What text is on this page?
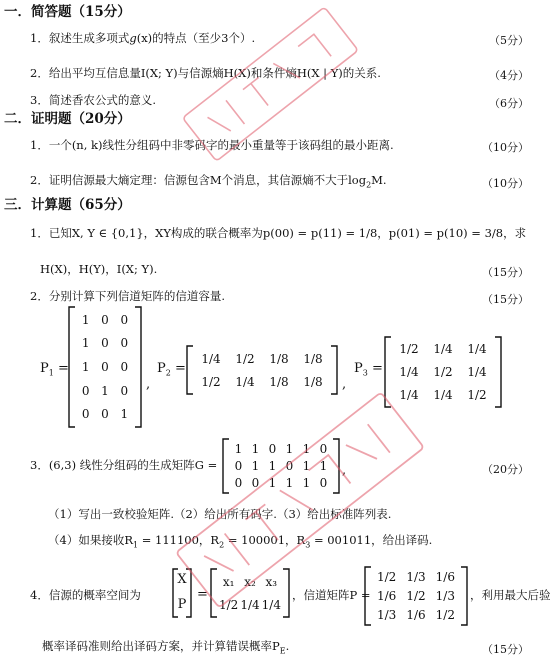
一．简答题（15分）
1．叙述生成多项式g(x)的特点（至少3个）.	（5分）
2．给出平均互信息量I(X; Y)与信源熵H(X)和条件熵H(X | Y)的关系.	（4分）
3．简述香农公式的意义.	（6分）
二．证明题（20分）
1．一个(n, k)线性分组码中非零码字的最小重量等于该码组的最小距离.	（10分）
2．证明信源最大熵定理：信源包含M个消息，其信源熵不大于$\log_2M$.	（10分）
三．计算题（65分）
1．已知X, Y ∈ {0,1}，XY构成的联合概率为p(00) = p(11) = 1/8，p(01) = p(10) = 3/8，求
H(X)，H(Y)，I(X; Y).	（15分）
2．分别计算下列信道矩阵的信道容量.	（15分）
$P_1$ =
1 0 0
1 0 0
1 0 0
0 1 0
0 0 1
,
$P_2$ =
1/4	1/2	1/8	1/8
1/2	1/4	1/8	1/8	,
$P_3$ =
1/2	1/4	1/4
1/4	1/2	1/4
1/4	1/4	1/2
3．(6,3) 线性分组码的生成矩阵G =
1 1 0 1 1 0
0 1 1 0 1 1
0 0 1 1 1 0
,	（20分）
（1）写出一致校验矩阵.（2）给出所有码字.（3）给出标准阵列表.
（4）如果接收$R_1 = 111100$，$R_2 = 100001$，$R_3 = 001011$，给出译码.
4．信源的概率空间为
X
P
=
x₁ x₂ x₃
1/2 1/4 1/4
，信道矩阵P =
1/2 1/3 1/6
1/6 1/2 1/3
1/3 1/6 1/2
，利用最大后验
概率译码准则给出译码方案，并计算错误概率$P_E$.	（15分）
